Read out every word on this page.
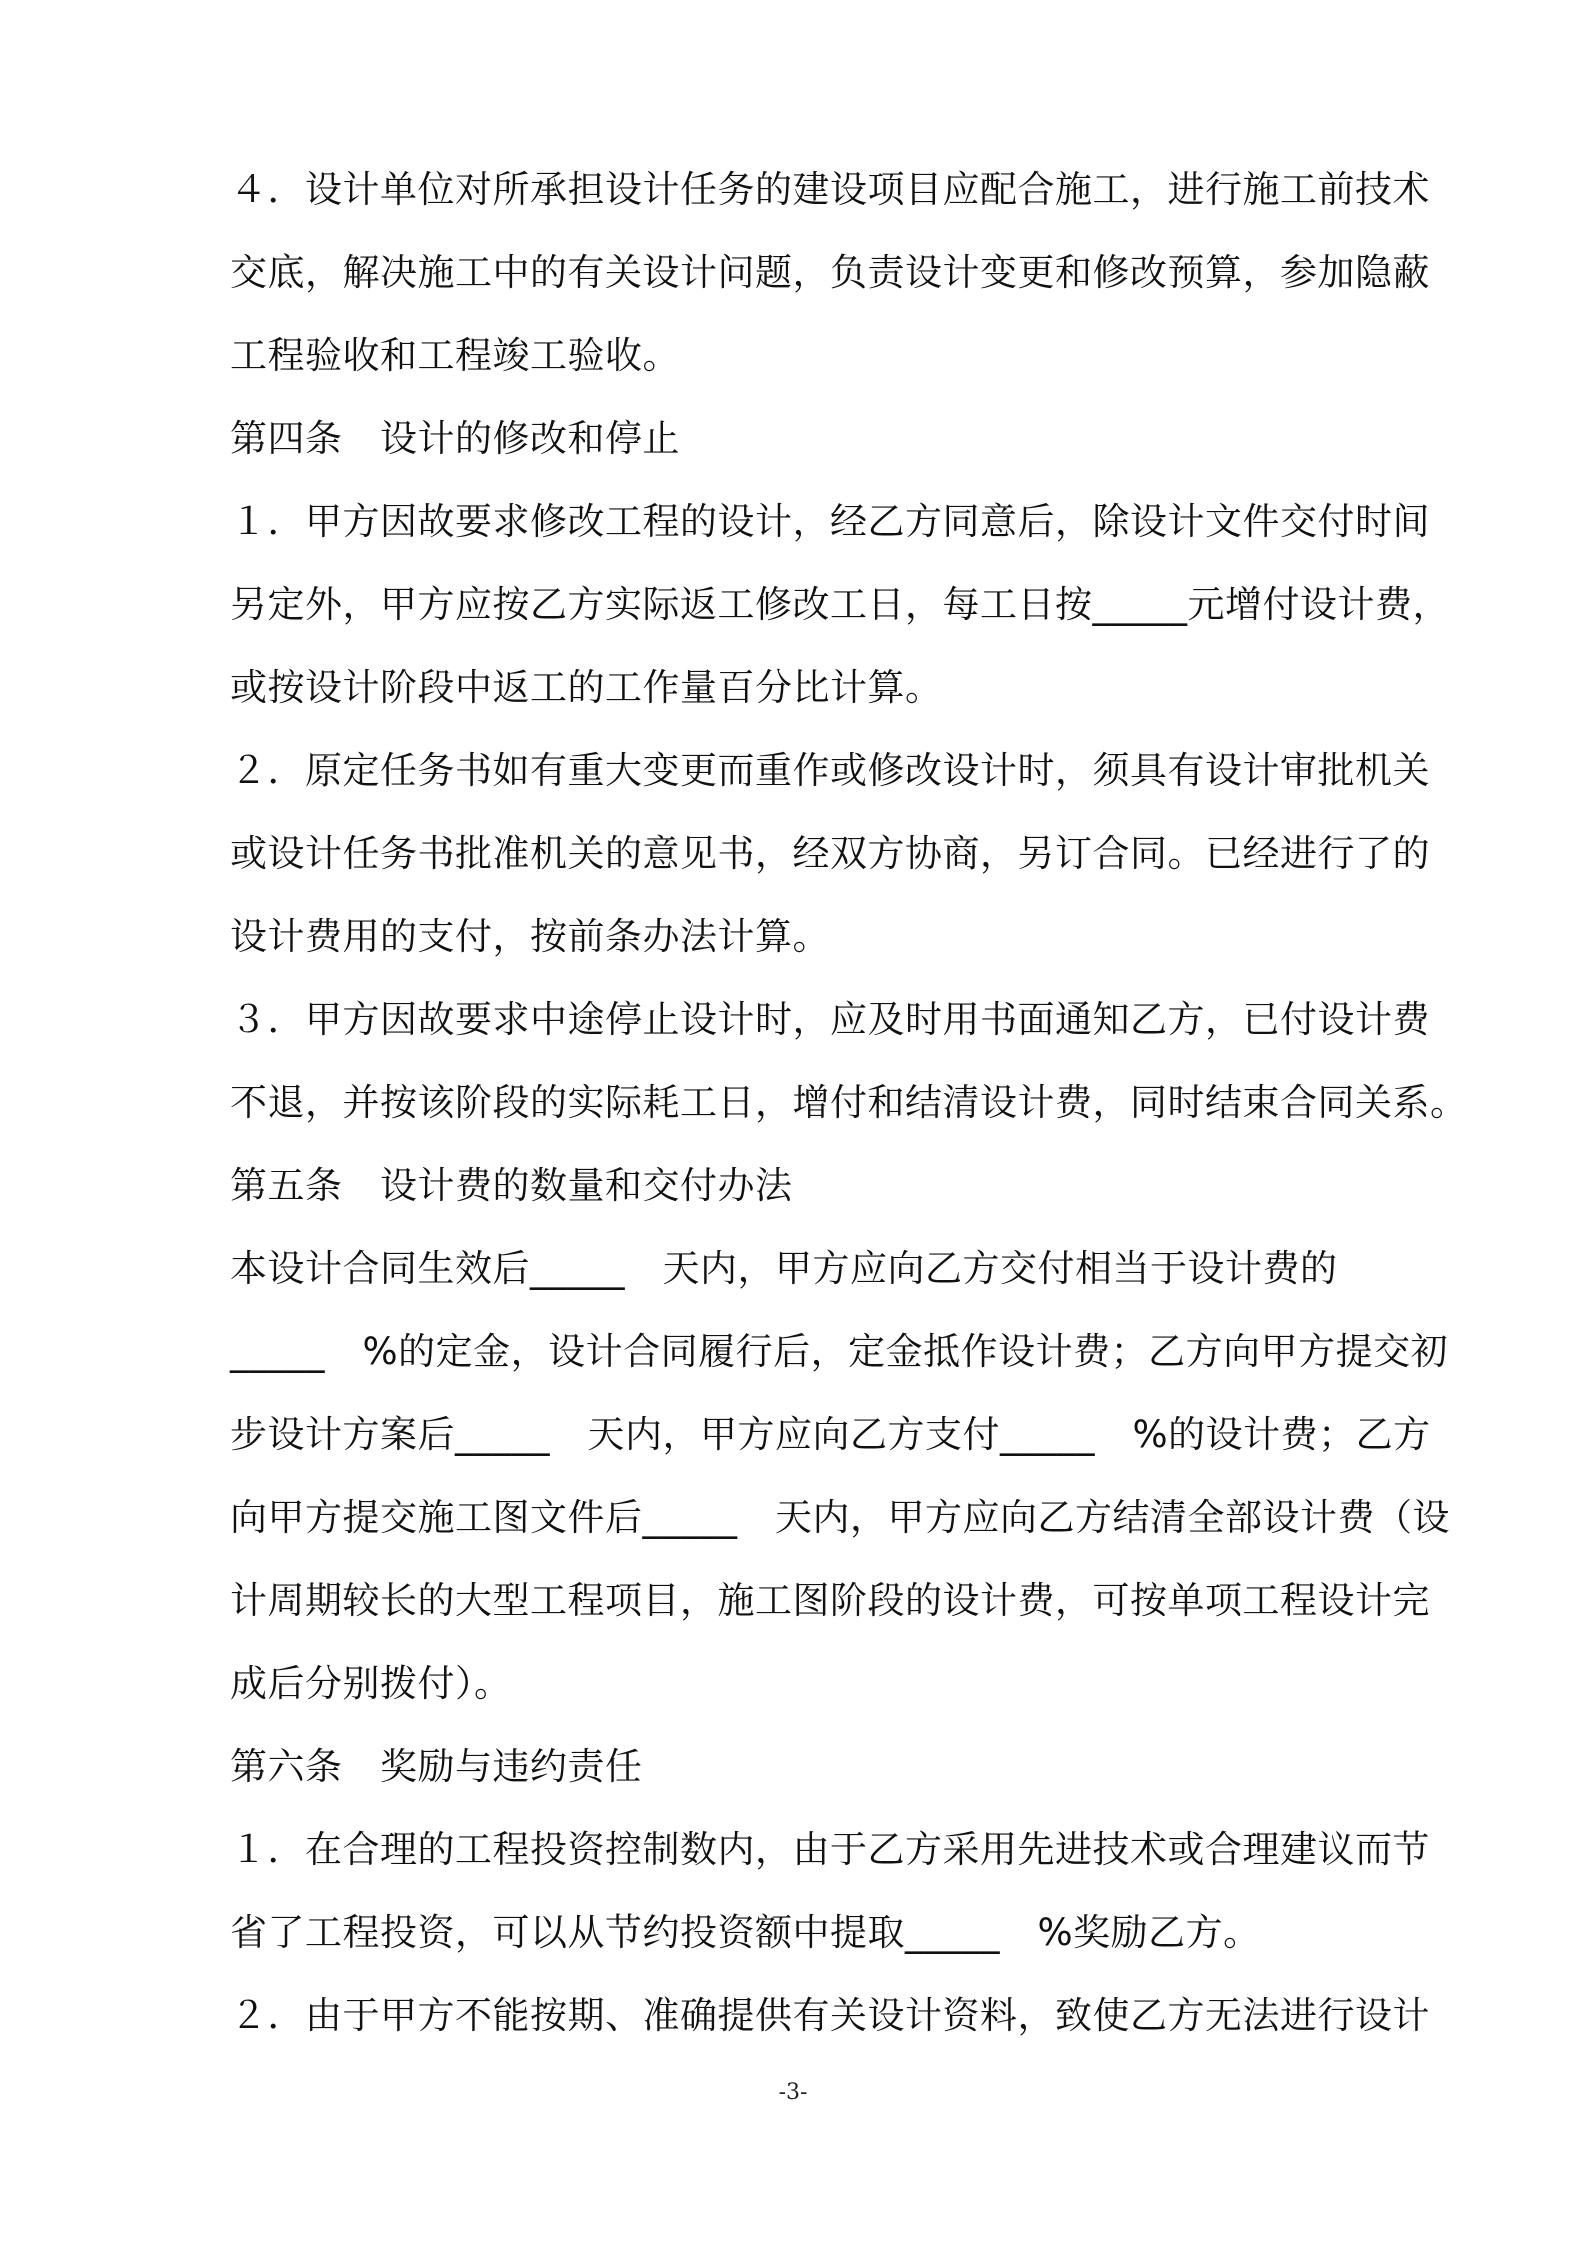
４．设计单位对所承担设计任务的建设项目应配合施工，进行施工前技术
交底，解决施工中的有关设计问题，负责设计变更和修改预算，参加隐蔽
工程验收和工程竣工验收。
第四条　设计的修改和停止
１．甲方因故要求修改工程的设计，经乙方同意后，除设计文件交付时间
另定外，甲方应按乙方实际返工修改工日，每工日按_____元增付设计费，
或按设计阶段中返工的工作量百分比计算。
２．原定任务书如有重大变更而重作或修改设计时，须具有设计审批机关
或设计任务书批准机关的意见书，经双方协商，另订合同。已经进行了的
设计费用的支付，按前条办法计算。
３．甲方因故要求中途停止设计时，应及时用书面通知乙方，已付设计费
不退，并按该阶段的实际耗工日，增付和结清设计费，同时结束合同关系。
第五条　设计费的数量和交付办法
本设计合同生效后_____　天内，甲方应向乙方交付相当于设计费的
_____　%的定金，设计合同履行后，定金抵作设计费；乙方向甲方提交初
步设计方案后_____　天内，甲方应向乙方支付_____　%的设计费；乙方
向甲方提交施工图文件后_____　天内，甲方应向乙方结清全部设计费（设
计周期较长的大型工程项目，施工图阶段的设计费，可按单项工程设计完
成后分别拨付）。
第六条　奖励与违约责任
１．在合理的工程投资控制数内，由于乙方采用先进技术或合理建议而节
省了工程投资，可以从节约投资额中提取_____　%奖励乙方。
２．由于甲方不能按期、准确提供有关设计资料，致使乙方无法进行设计
-3-
